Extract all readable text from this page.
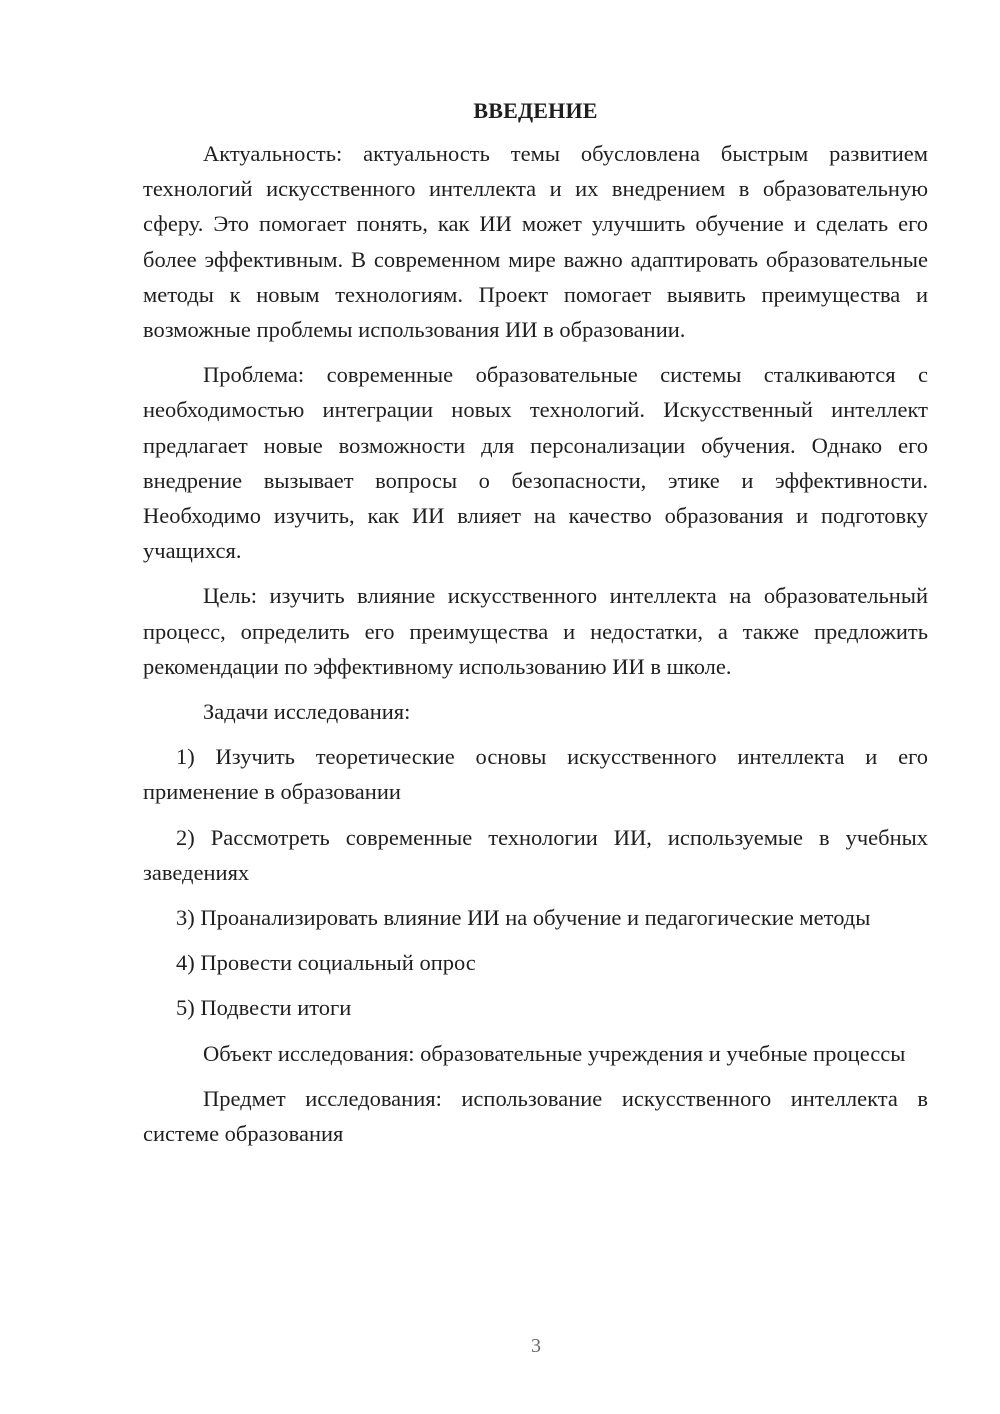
ВВЕДЕНИЕ

Актуальность: актуальность темы обусловлена быстрым развитием технологий искусственного интеллекта и их внедрением в образовательную сферу. Это помогает понять, как ИИ может улучшить обучение и сделать его более эффективным. В современном мире важно адаптировать образовательные методы к новым технологиям. Проект помогает выявить преимущества и возможные проблемы использования ИИ в образовании.

Проблема: современные образовательные системы сталкиваются с необходимостью интеграции новых технологий. Искусственный интеллект предлагает новые возможности для персонализации обучения. Однако его внедрение вызывает вопросы о безопасности, этике и эффективности. Необходимо изучить, как ИИ влияет на качество образования и подготовку учащихся.

Цель: изучить влияние искусственного интеллекта на образовательный процесс, определить его преимущества и недостатки, а также предложить рекомендации по эффективному использованию ИИ в школе.

Задачи исследования:

1) Изучить теоретические основы искусственного интеллекта и его применение в образовании

2) Рассмотреть современные технологии ИИ, используемые в учебных заведениях

3) Проанализировать влияние ИИ на обучение и педагогические методы

4) Провести социальный опрос

5) Подвести итоги

Объект исследования: образовательные учреждения и учебные процессы

Предмет исследования: использование искусственного интеллекта в системе образования

3
